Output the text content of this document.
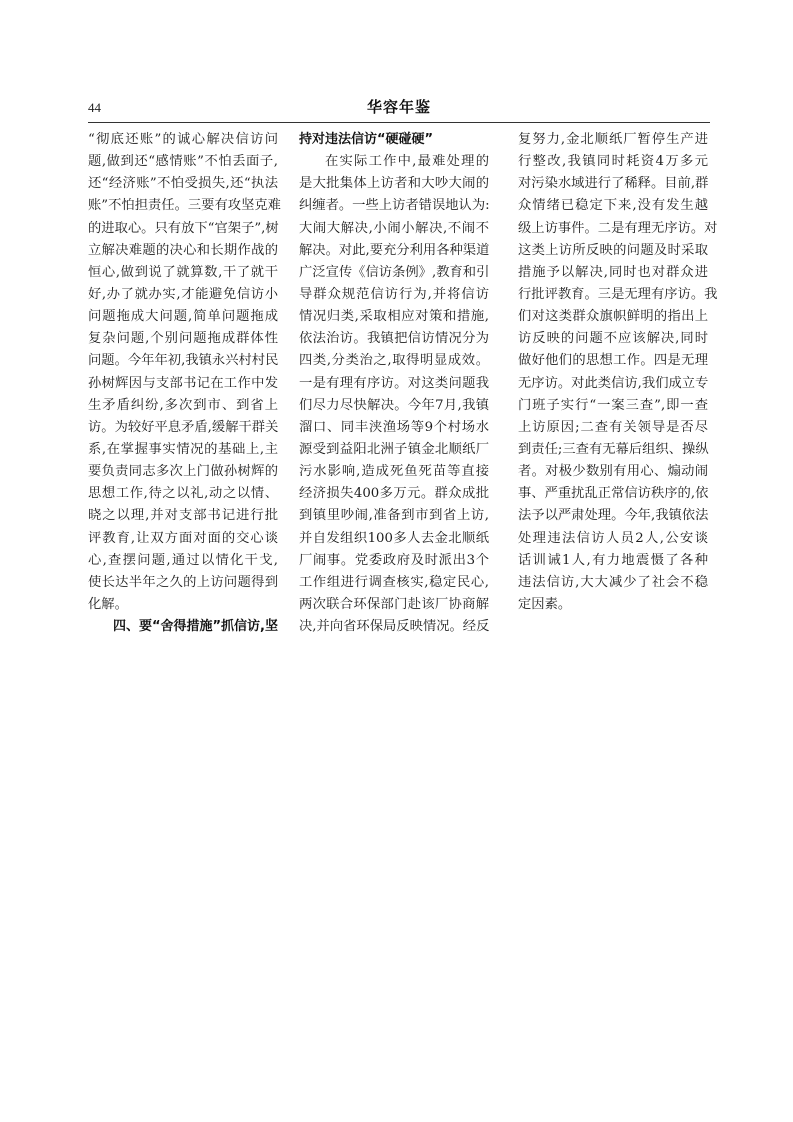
44	华容年鉴
“彻底还账”的诚心解决信访问
题,做到还“感情账”不怕丢面子,
还“经济账”不怕受损失,还“执法
账”不怕担责任。三要有攻坚克难
的进取心。只有放下“官架子”,树
立解决难题的决心和长期作战的
恒心,做到说了就算数,干了就干
好,办了就办实,才能避免信访小
问题拖成大问题,简单问题拖成
复杂问题,个别问题拖成群体性
问题。今年年初,我镇永兴村村民
孙树辉因与支部书记在工作中发
生矛盾纠纷,多次到市、到省上
访。为较好平息矛盾,缓解干群关
系,在掌握事实情况的基础上,主
要负责同志多次上门做孙树辉的
思想工作,待之以礼,动之以情、
晓之以理,并对支部书记进行批
评教育,让双方面对面的交心谈
心,查摆问题,通过以情化干戈,
使长达半年之久的上访问题得到
化解。
四、要“舍得措施”抓信访,坚
持对违法信访“硬碰硬”
在实际工作中,最难处理的
是大批集体上访者和大吵大闹的
纠缠者。一些上访者错误地认为:
大闹大解决,小闹小解决,不闹不
解决。对此,要充分利用各种渠道
广泛宣传《信访条例》,教育和引
导群众规范信访行为,并将信访
情况归类,采取相应对策和措施,
依法治访。我镇把信访情况分为
四类,分类治之,取得明显成效。
一是有理有序访。对这类问题我
们尽力尽快解决。今年7月,我镇
溜口、同丰浃渔场等9个村场水
源受到益阳北洲子镇金北顺纸厂
污水影响,造成死鱼死苗等直接
经济损失400多万元。群众成批
到镇里吵闹,准备到市到省上访,
并自发组织100多人去金北顺纸
厂闹事。党委政府及时派出3个
工作组进行调查核实,稳定民心,
两次联合环保部门赴该厂协商解
决,并向省环保局反映情况。经反
复努力,金北顺纸厂暂停生产进
行整改,我镇同时耗资4万多元
对污染水域进行了稀释。目前,群
众情绪已稳定下来,没有发生越
级上访事件。二是有理无序访。对
这类上访所反映的问题及时采取
措施予以解决,同时也对群众进
行批评教育。三是无理有序访。我
们对这类群众旗帜鲜明的指出上
访反映的问题不应该解决,同时
做好他们的思想工作。四是无理
无序访。对此类信访,我们成立专
门班子实行“一案三查”,即一查
上访原因;二查有关领导是否尽
到责任;三查有无幕后组织、操纵
者。对极少数别有用心、煽动闹
事、严重扰乱正常信访秩序的,依
法予以严肃处理。今年,我镇依法
处理违法信访人员2人,公安谈
话训诫1人,有力地震慑了各种
违法信访,大大减少了社会不稳
定因素。
